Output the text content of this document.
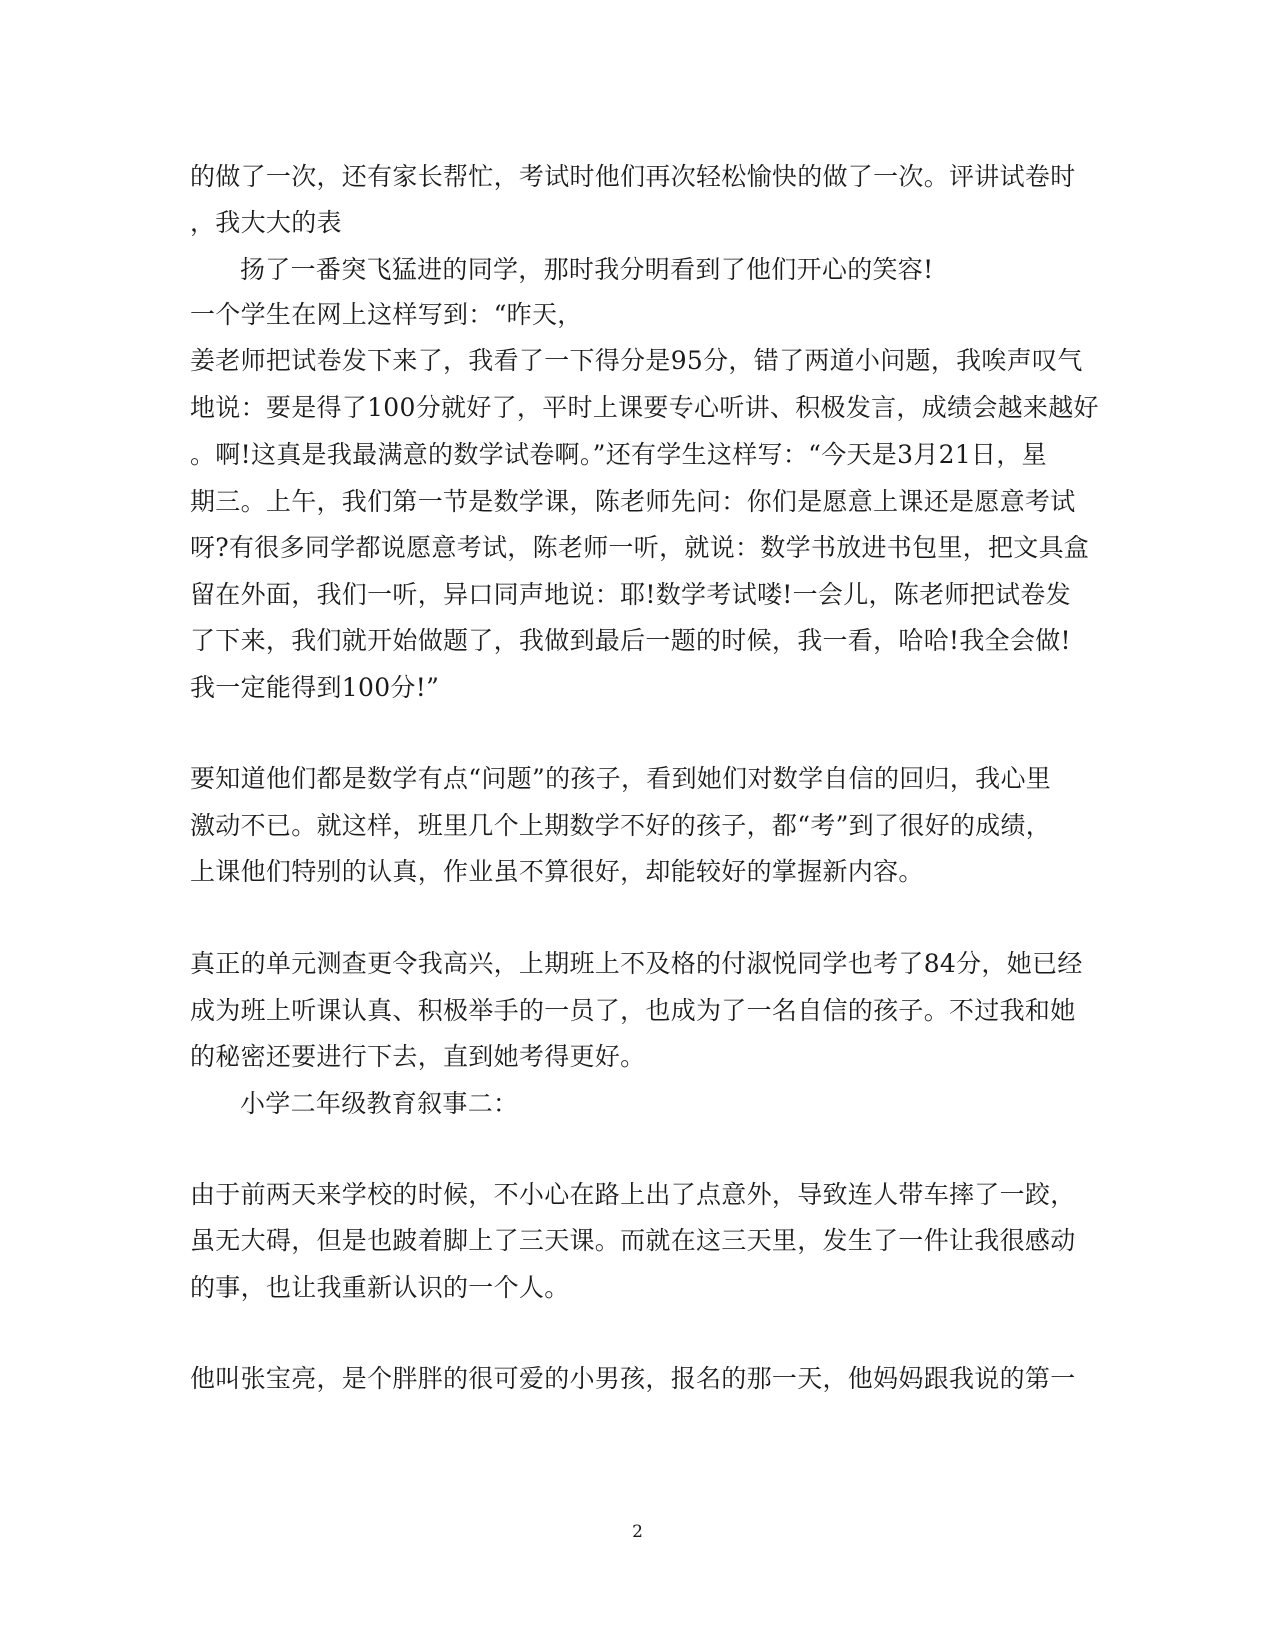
的做了一次，还有家长帮忙，考试时他们再次轻松愉快的做了一次。评讲试卷时
，我大大的表
扬了一番突飞猛进的同学，那时我分明看到了他们开心的笑容!
一个学生在网上这样写到：“昨天，
姜老师把试卷发下来了，我看了一下得分是95分，错了两道小问题，我唉声叹气
地说：要是得了100分就好了，平时上课要专心听讲、积极发言，成绩会越来越好
。啊!这真是我最满意的数学试卷啊。”还有学生这样写：“今天是3月21日，星
期三。上午，我们第一节是数学课，陈老师先问：你们是愿意上课还是愿意考试
呀?有很多同学都说愿意考试，陈老师一听，就说：数学书放进书包里，把文具盒
留在外面，我们一听，异口同声地说：耶!数学考试喽!一会儿，陈老师把试卷发
了下来，我们就开始做题了，我做到最后一题的时候，我一看，哈哈!我全会做!
我一定能得到100分!”
要知道他们都是数学有点“问题”的孩子，看到她们对数学自信的回归，我心里
激动不已。就这样，班里几个上期数学不好的孩子，都“考”到了很好的成绩，
上课他们特别的认真，作业虽不算很好，却能较好的掌握新内容。
真正的单元测查更令我高兴，上期班上不及格的付淑悦同学也考了84分，她已经
成为班上听课认真、积极举手的一员了，也成为了一名自信的孩子。不过我和她
的秘密还要进行下去，直到她考得更好。
小学二年级教育叙事二：
由于前两天来学校的时候，不小心在路上出了点意外，导致连人带车摔了一跤，
虽无大碍，但是也跛着脚上了三天课。而就在这三天里，发生了一件让我很感动
的事，也让我重新认识的一个人。
他叫张宝亮，是个胖胖的很可爱的小男孩，报名的那一天，他妈妈跟我说的第一
2
